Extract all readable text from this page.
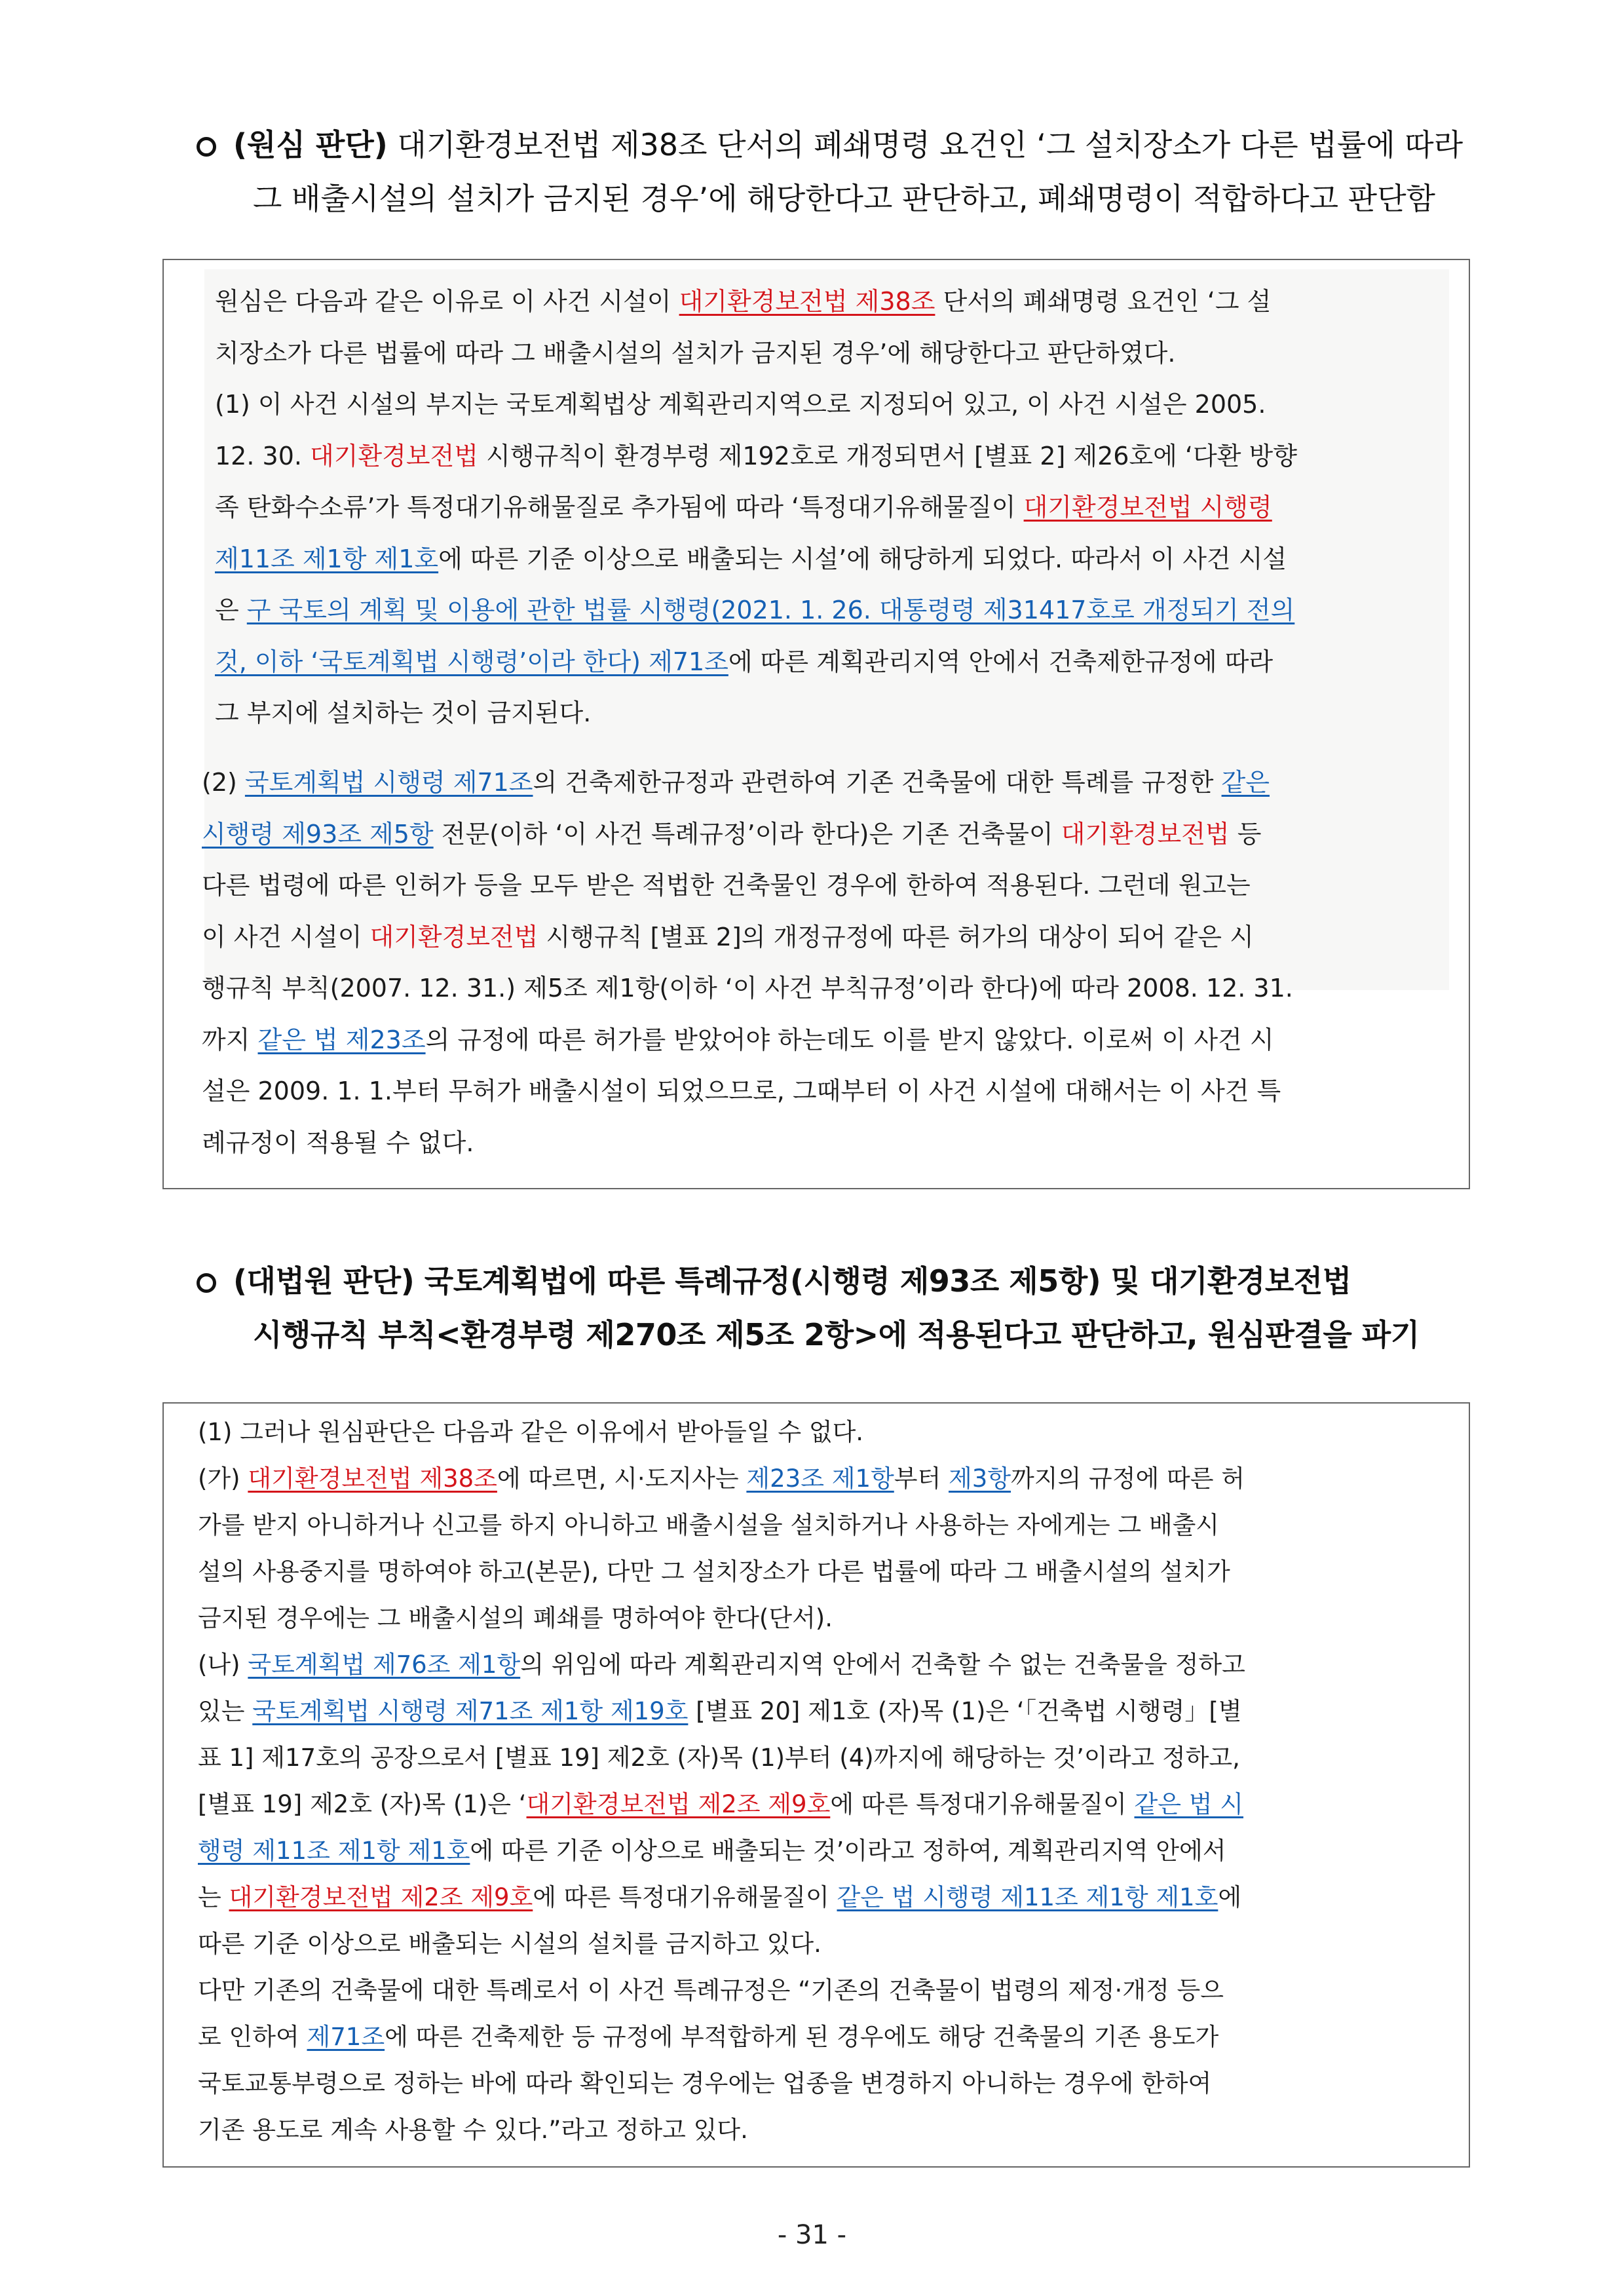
(원심 판단) 대기환경보전법 제38조 단서의 폐쇄명령 요건인 ‘그 설치장소가 다른 법률에 따라
그 배출시설의 설치가 금지된 경우’에 해당한다고 판단하고, 폐쇄명령이 적합하다고 판단함
원심은 다음과 같은 이유로 이 사건 시설이 대기환경보전법 제38조 단서의 폐쇄명령 요건인 ‘그 설
치장소가 다른 법률에 따라 그 배출시설의 설치가 금지된 경우’에 해당한다고 판단하였다.
(1) 이 사건 시설의 부지는 국토계획법상 계획관리지역으로 지정되어 있고, 이 사건 시설은 2005.
12. 30. 대기환경보전법 시행규칙이 환경부령 제192호로 개정되면서 [별표 2] 제26호에 ‘다환 방향
족 탄화수소류’가 특정대기유해물질로 추가됨에 따라 ‘특정대기유해물질이 대기환경보전법 시행령
제11조 제1항 제1호에 따른 기준 이상으로 배출되는 시설’에 해당하게 되었다. 따라서 이 사건 시설
은 구 국토의 계획 및 이용에 관한 법률 시행령(2021. 1. 26. 대통령령 제31417호로 개정되기 전의
것, 이하 ‘국토계획법 시행령’이라 한다) 제71조에 따른 계획관리지역 안에서 건축제한규정에 따라
그 부지에 설치하는 것이 금지된다.
(2) 국토계획법 시행령 제71조의 건축제한규정과 관련하여 기존 건축물에 대한 특례를 규정한 같은
시행령 제93조 제5항 전문(이하 ‘이 사건 특례규정’이라 한다)은 기존 건축물이 대기환경보전법 등
다른 법령에 따른 인허가 등을 모두 받은 적법한 건축물인 경우에 한하여 적용된다. 그런데 원고는
이 사건 시설이 대기환경보전법 시행규칙 [별표 2]의 개정규정에 따른 허가의 대상이 되어 같은 시
행규칙 부칙(2007. 12. 31.) 제5조 제1항(이하 ‘이 사건 부칙규정’이라 한다)에 따라 2008. 12. 31.
까지 같은 법 제23조의 규정에 따른 허가를 받았어야 하는데도 이를 받지 않았다. 이로써 이 사건 시
설은 2009. 1. 1.부터 무허가 배출시설이 되었으므로, 그때부터 이 사건 시설에 대해서는 이 사건 특
례규정이 적용될 수 없다.
(대법원 판단) 국토계획법에 따른 특례규정(시행령 제93조 제5항) 및 대기환경보전법
시행규칙 부칙<환경부령 제270조 제5조 2항>에 적용된다고 판단하고, 원심판결을 파기
(1) 그러나 원심판단은 다음과 같은 이유에서 받아들일 수 없다.
(가) 대기환경보전법 제38조에 따르면, 시·도지사는 제23조 제1항부터 제3항까지의 규정에 따른 허
가를 받지 아니하거나 신고를 하지 아니하고 배출시설을 설치하거나 사용하는 자에게는 그 배출시
설의 사용중지를 명하여야 하고(본문), 다만 그 설치장소가 다른 법률에 따라 그 배출시설의 설치가
금지된 경우에는 그 배출시설의 폐쇄를 명하여야 한다(단서).
(나) 국토계획법 제76조 제1항의 위임에 따라 계획관리지역 안에서 건축할 수 없는 건축물을 정하고
있는 국토계획법 시행령 제71조 제1항 제19호 [별표 20] 제1호 (자)목 (1)은 ‘「건축법 시행령」[별
표 1] 제17호의 공장으로서 [별표 19] 제2호 (자)목 (1)부터 (4)까지에 해당하는 것’이라고 정하고,
[별표 19] 제2호 (자)목 (1)은 ‘대기환경보전법 제2조 제9호에 따른 특정대기유해물질이 같은 법 시
행령 제11조 제1항 제1호에 따른 기준 이상으로 배출되는 것’이라고 정하여, 계획관리지역 안에서
는 대기환경보전법 제2조 제9호에 따른 특정대기유해물질이 같은 법 시행령 제11조 제1항 제1호에
따른 기준 이상으로 배출되는 시설의 설치를 금지하고 있다.
다만 기존의 건축물에 대한 특례로서 이 사건 특례규정은 “기존의 건축물이 법령의 제정·개정 등으
로 인하여 제71조에 따른 건축제한 등 규정에 부적합하게 된 경우에도 해당 건축물의 기존 용도가
국토교통부령으로 정하는 바에 따라 확인되는 경우에는 업종을 변경하지 아니하는 경우에 한하여
기존 용도로 계속 사용할 수 있다.”라고 정하고 있다.
- 31 -
